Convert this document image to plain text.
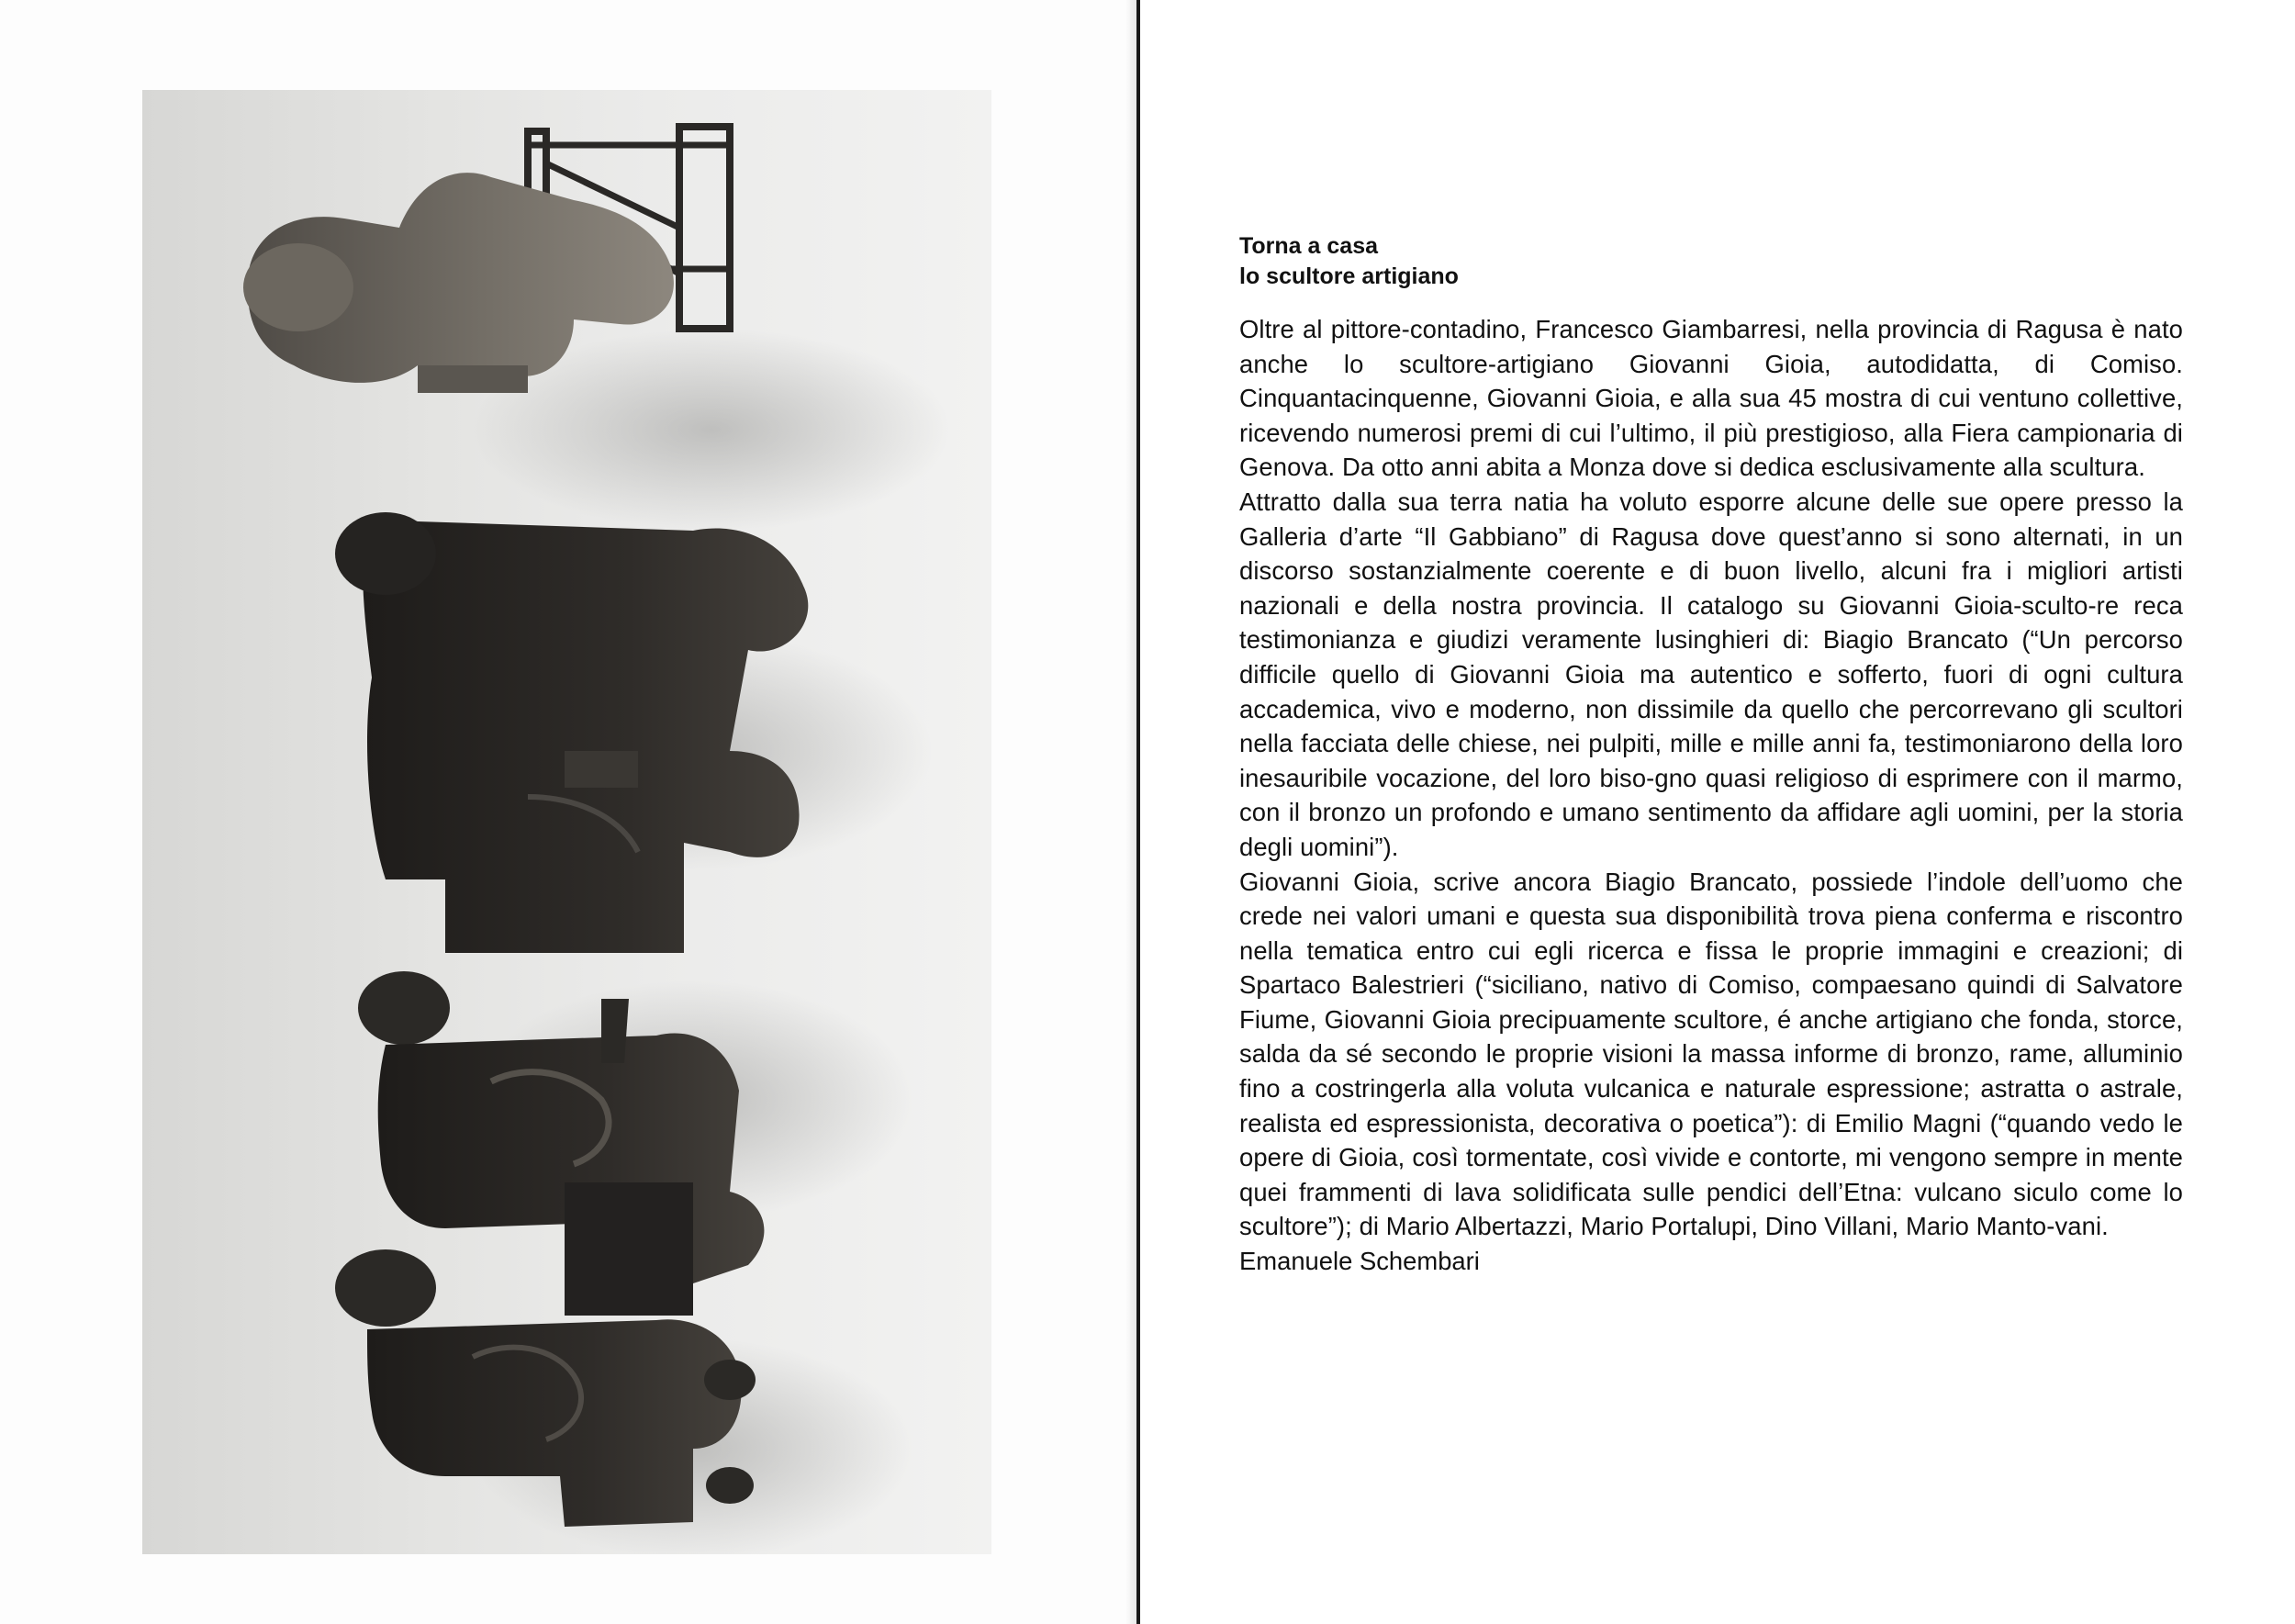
Torna a casa
lo scultore artigiano

Oltre al pittore-contadino, Francesco Giambarresi, nella provincia di Ragusa è nato anche lo scultore-artigiano Giovanni Gioia, autodidatta, di Comiso. Cinquantacinquenne, Giovanni Gioia, e alla sua 45 mostra di cui ventuno collettive, ricevendo numerosi premi di cui l’ultimo, il più prestigioso, alla Fiera campionaria di Genova. Da otto anni abita a Monza dove si dedica esclusivamente alla scultura.

Attratto dalla sua terra natia ha voluto esporre alcune delle sue opere presso la Galleria d’arte “Il Gabbiano” di Ragusa dove quest’anno si sono alternati, in un discorso sostanzialmente coerente e di buon livello, alcuni fra i migliori artisti nazionali e della nostra provincia. Il catalogo su Giovanni Gioia-sculto-re reca testimonianza e giudizi veramente lusinghieri di: Biagio Brancato (“Un percorso difficile quello di Giovanni Gioia ma autentico e sofferto, fuori di ogni cultura accademica, vivo e moderno, non dissimile da quello che percorrevano gli scultori nella facciata delle chiese, nei pulpiti, mille e mille anni fa, testimoniarono della loro inesauribile vocazione, del loro biso-gno quasi religioso di esprimere con il marmo, con il bronzo un profondo e umano sentimento da affidare agli uomini, per la storia degli uomini”).

Giovanni Gioia, scrive ancora Biagio Brancato, possiede l’indole dell’uomo che crede nei valori umani e questa sua disponibilità trova piena conferma e riscontro nella tematica entro cui egli ricerca e fissa le proprie immagini e creazioni; di Spartaco Balestrieri (“siciliano, nativo di Comiso, compaesano quindi di Salvatore Fiume, Giovanni Gioia precipuamente scultore, é anche artigiano che fonda, storce, salda da sé secondo le proprie visioni la massa informe di bronzo, rame, alluminio fino a costringerla alla voluta vulcanica e naturale espressione; astratta o astrale, realista ed espressionista, decorativa o poetica”): di Emilio Magni (“quando vedo le opere di Gioia, così tormentate, così vivide e contorte, mi vengono sempre in mente quei frammenti di lava solidificata sulle pendici dell’Etna: vulcano siculo come lo scultore”); di Mario Albertazzi, Mario Portalupi, Dino Villani, Mario Manto-vani.

Emanuele Schembari
